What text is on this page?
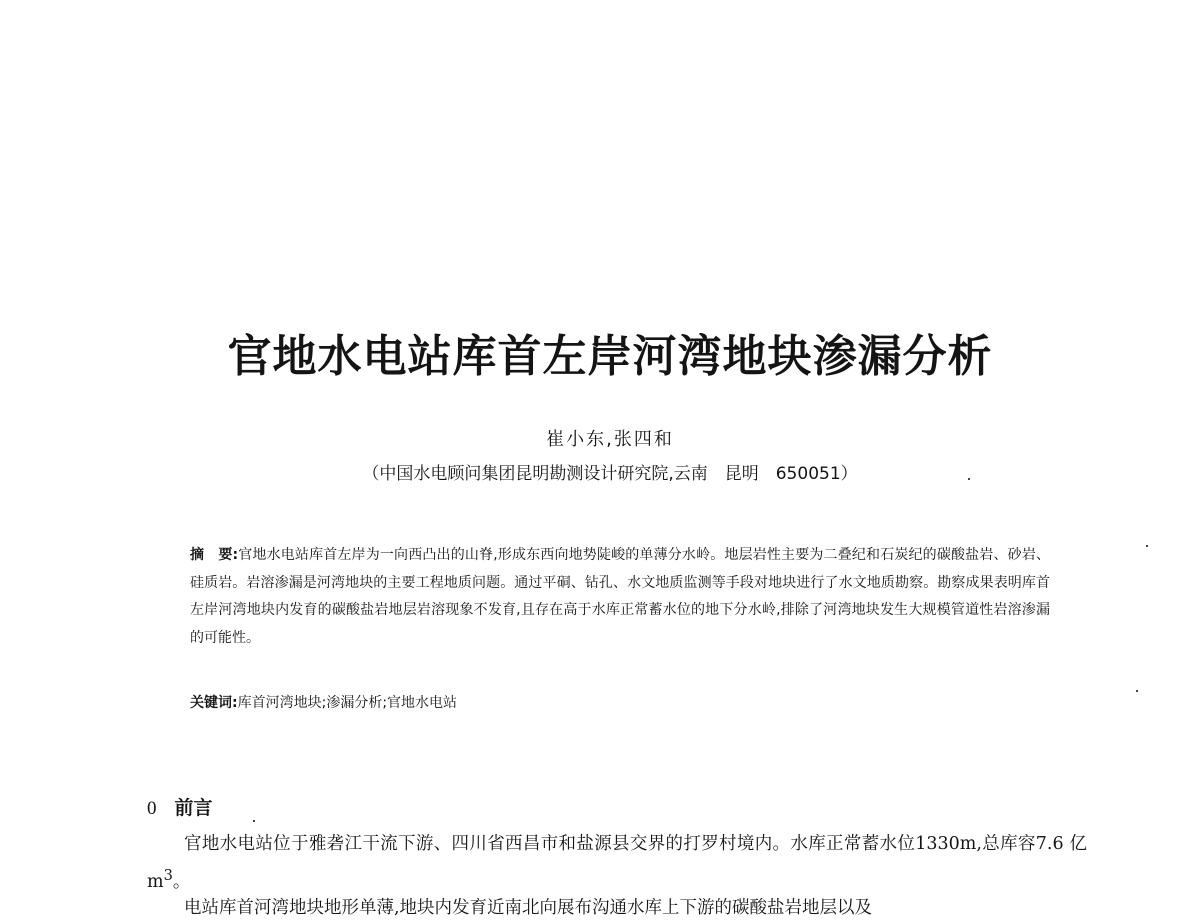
官地水电站库首左岸河湾地块渗漏分析
崔小东,张四和
（中国水电顾问集团昆明勘测设计研究院,云南　昆明　650051）

摘　要:官地水电站库首左岸为一向西凸出的山脊,形成东西向地势陡峻的单薄分水岭。地层岩性主要为二叠纪和石炭纪的碳酸盐岩、砂岩、硅质岩。岩溶渗漏是河湾地块的主要工程地质问题。通过平硐、钻孔、水文地质监测等手段对地块进行了水文地质勘察。勘察成果表明库首左岸河湾地块内发育的碳酸盐岩地层岩溶现象不发育,且存在高于水库正常蓄水位的地下分水岭,排除了河湾地块发生大规模管道性岩溶渗漏的可能性。

关键词:库首河湾地块;渗漏分析;官地水电站
0 前言

官地水电站位于雅砻江干流下游、四川省西昌市和盐源县交界的打罗村境内。水库正常蓄水位1330m,总库容7.6 亿 $m^3$。

电站库首河湾地块地形单薄,地块内发育近南北向展布沟通水库上下游的碳酸盐岩地层以及
